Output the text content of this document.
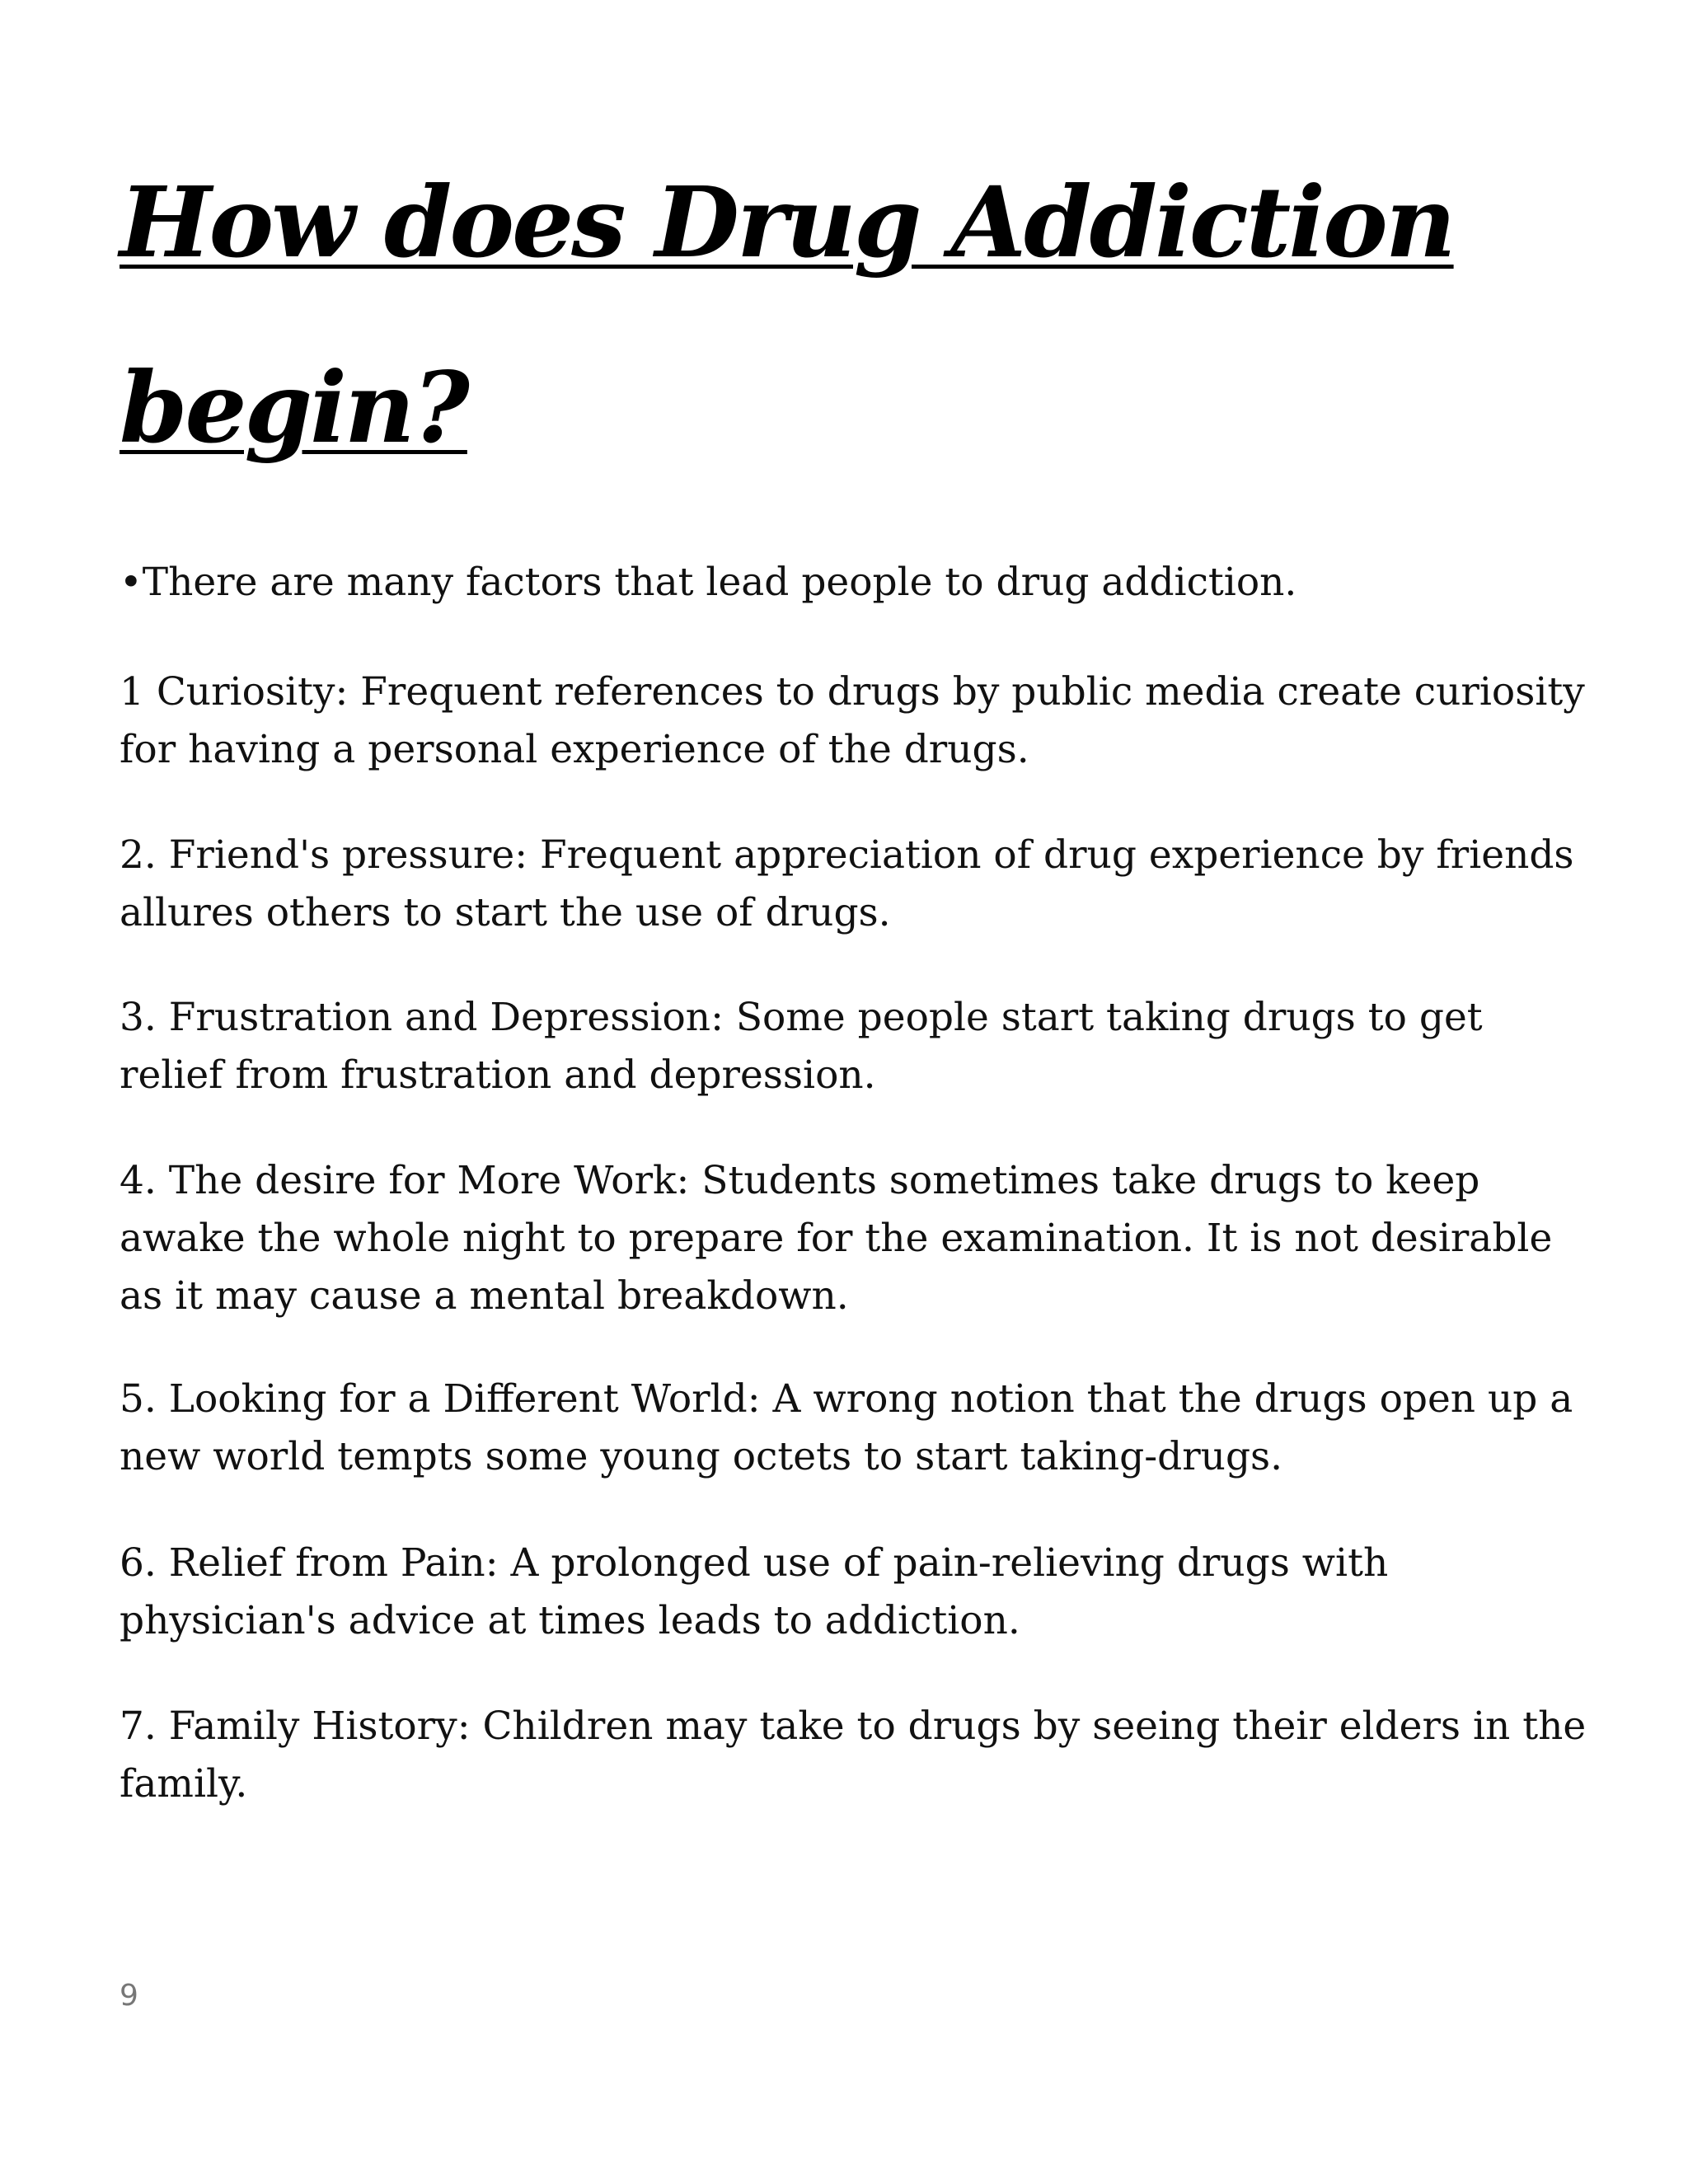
How does Drug Addiction
begin?

•There are many factors that lead people to drug addiction.

1 Curiosity: Frequent references to drugs by public media create curiosity for having a personal experience of the drugs.

2. Friend's pressure: Frequent appreciation of drug experience by friends allures others to start the use of drugs.

3. Frustration and Depression: Some people start taking drugs to get relief from frustration and depression.

4. The desire for More Work: Students sometimes take drugs to keep awake the whole night to prepare for the examination. It is not desirable as it may cause a mental breakdown.

5. Looking for a Different World: A wrong notion that the drugs open up a new world tempts some young octets to start taking-drugs.

6. Relief from Pain: A prolonged use of pain-relieving drugs with physician's advice at times leads to addiction.

7. Family History: Children may take to drugs by seeing their elders in the family.

9
